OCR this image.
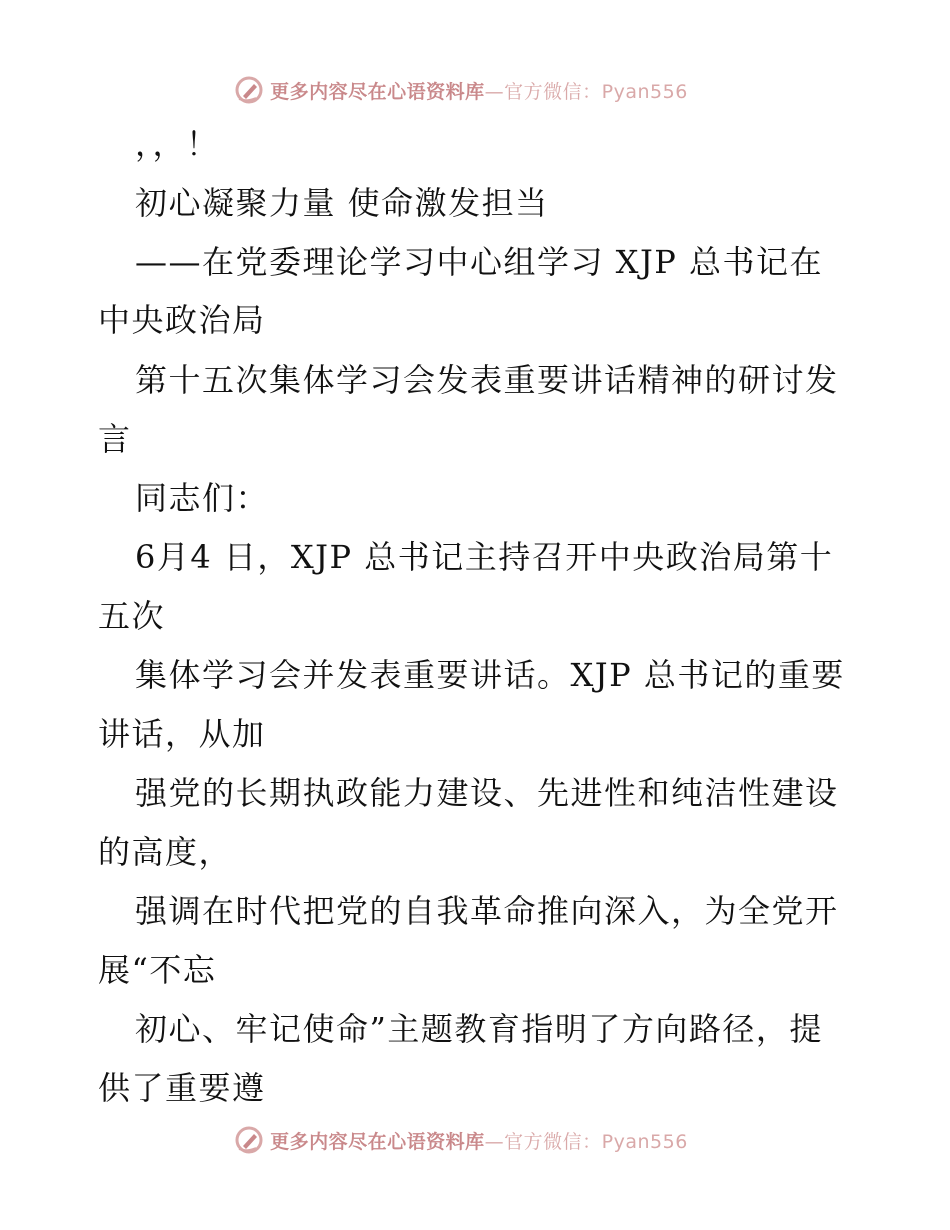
更多内容尽在心语资料库—官方微信：Pyan556
，，！
初心凝聚力量 使命激发担当
——在党委理论学习中心组学习 XJP 总书记在
中央政治局
第十五次集体学习会发表重要讲话精神的研讨发
言
同志们：
6月4 日，XJP 总书记主持召开中央政治局第十
五次
集体学习会并发表重要讲话。XJP 总书记的重要
讲话，从加
强党的长期执政能力建设、先进性和纯洁性建设
的高度，
强调在时代把党的自我革命推向深入，为全党开
展“不忘
初心、牢记使命”主题教育指明了方向路径，提
供了重要遵
更多内容尽在心语资料库—官方微信：Pyan556
